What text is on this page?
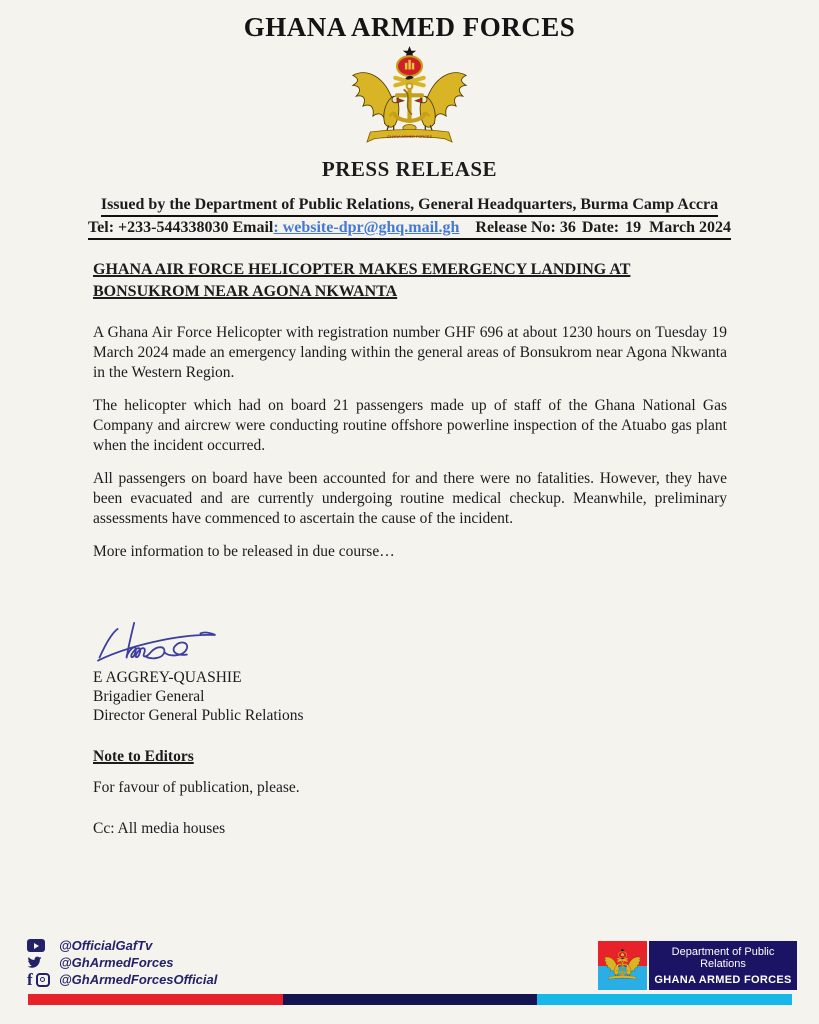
GHANA ARMED FORCES
PRESS RELEASE
Issued by the Department of Public Relations, General Headquarters, Burma Camp Accra
Tel: +233-544338030 Email: website-dpr@ghq.mail.gh Release No: 36 Date: 19  March 2024
GHANA AIR FORCE HELICOPTER MAKES EMERGENCY LANDING AT BONSUKROM NEAR AGONA NKWANTA

A Ghana Air Force Helicopter with registration number GHF 696 at about 1230 hours on Tuesday 19 March 2024 made an emergency landing within the general areas of Bonsukrom near Agona Nkwanta in the Western Region.

The helicopter which had on board 21 passengers made up of staff of the Ghana National Gas Company and aircrew were conducting routine offshore powerline inspection of the Atuabo gas plant when the incident occurred.

All passengers on board have been accounted for and there were no fatalities. However, they have been evacuated and are currently undergoing routine medical checkup. Meanwhile, preliminary assessments have commenced to ascertain the cause of the incident.

More information to be released in due course…

E AGGREY-QUASHIE
Brigadier General
Director General Public Relations
Note to Editors
For favour of publication, please.
Cc: All media houses
@OfficialGafTv
@GhArmedForces
f @GhArmedForcesOfficial
Department of Public Relations
GHANA ARMED FORCES
